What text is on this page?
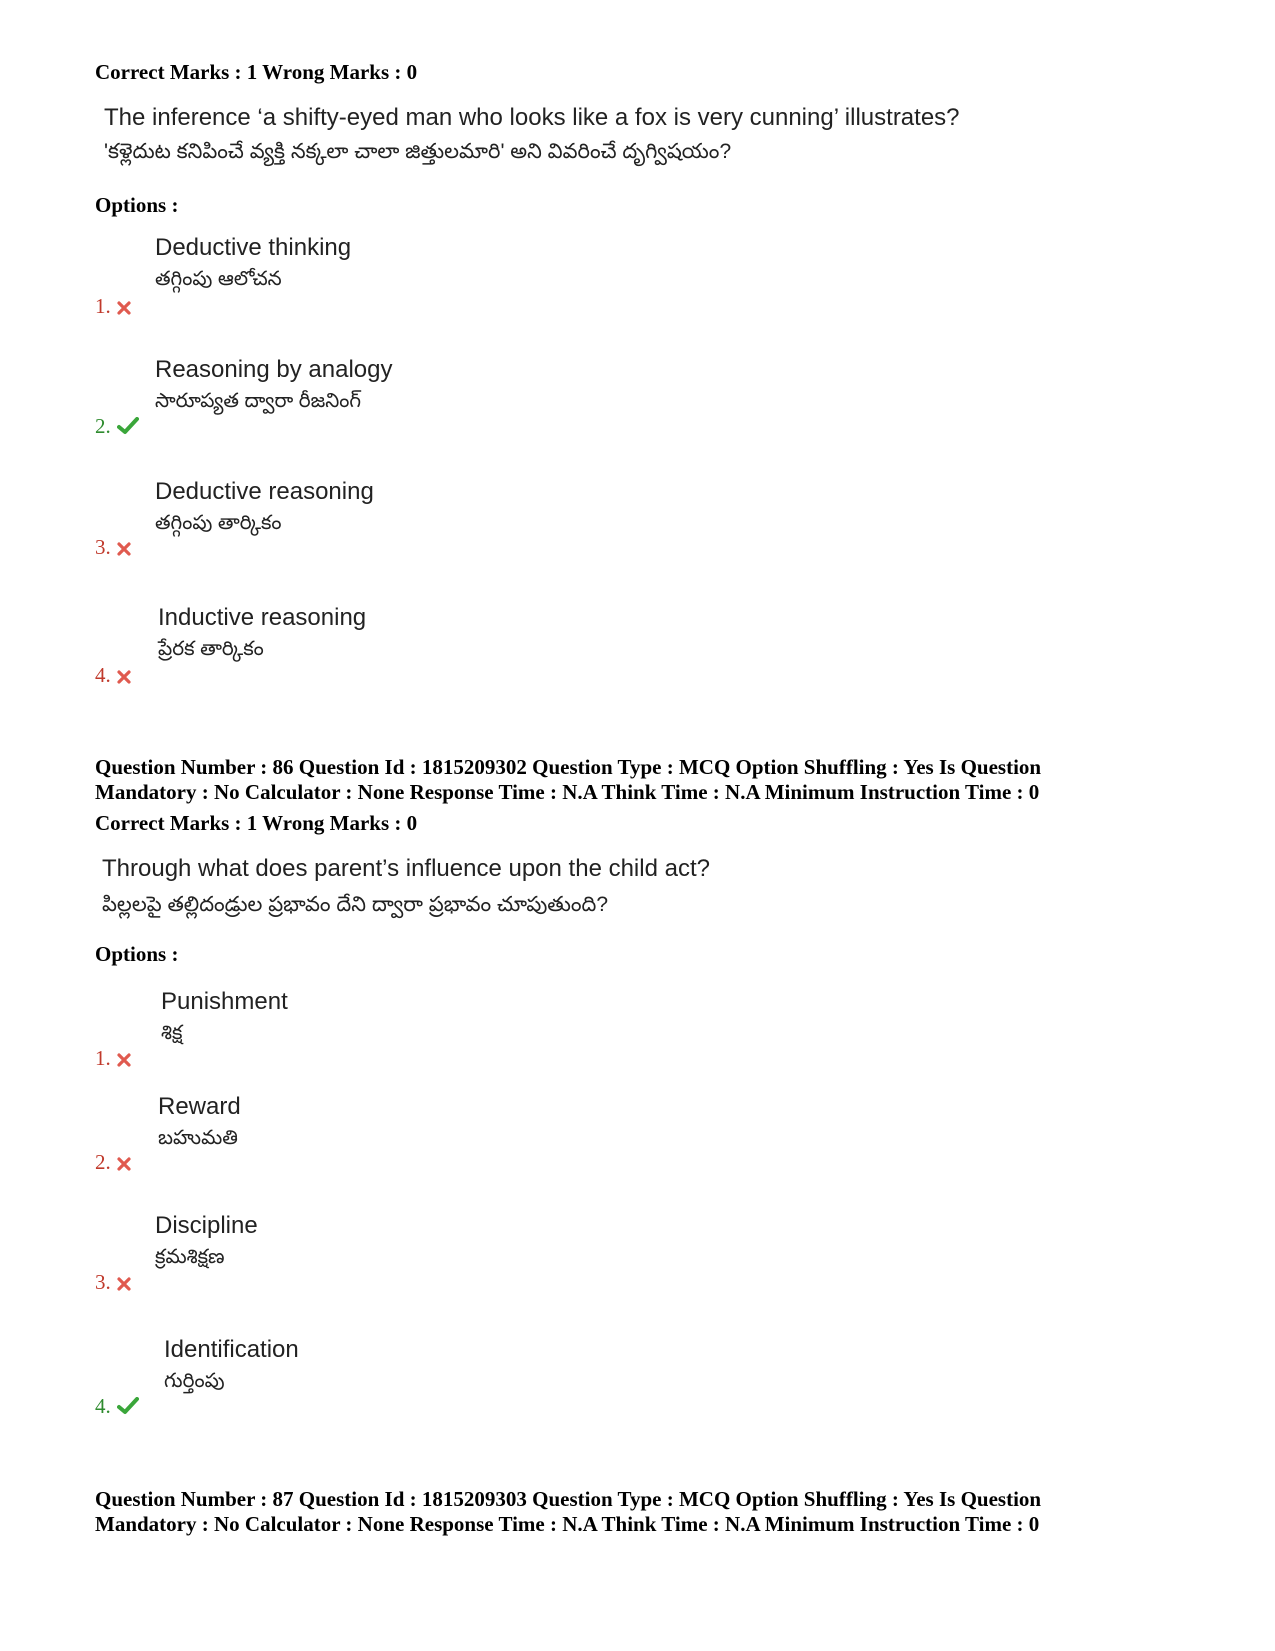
Correct Marks : 1 Wrong Marks : 0
The inference ‘a shifty-eyed man who looks like a fox is very cunning’ illustrates?
'కళ్లెదుట కనిపించే వ్యక్తి నక్కలా చాలా జిత్తులమారి' అని వివరించే దృగ్విషయం?
Options :
Deductive thinking
తగ్గింపు ఆలోచన
1.
Reasoning by analogy
సారూప్యత ద్వారా రీజనింగ్
2.
Deductive reasoning
తగ్గింపు తార్కికం
3.
Inductive reasoning
ప్రేరక తార్కికం
4.
Question Number : 86 Question Id : 1815209302 Question Type : MCQ Option Shuffling : Yes Is Question
Mandatory : No Calculator : None Response Time : N.A Think Time : N.A Minimum Instruction Time : 0
Correct Marks : 1 Wrong Marks : 0
Through what does parent’s influence upon the child act?
పిల్లలపై తల్లిదండ్రుల ప్రభావం దేని ద్వారా ప్రభావం చూపుతుంది?
Options :
Punishment
శిక్ష
1.
Reward
బహుమతి
2.
Discipline
క్రమశిక్షణ
3.
Identification
గుర్తింపు
4.
Question Number : 87 Question Id : 1815209303 Question Type : MCQ Option Shuffling : Yes Is Question
Mandatory : No Calculator : None Response Time : N.A Think Time : N.A Minimum Instruction Time : 0
